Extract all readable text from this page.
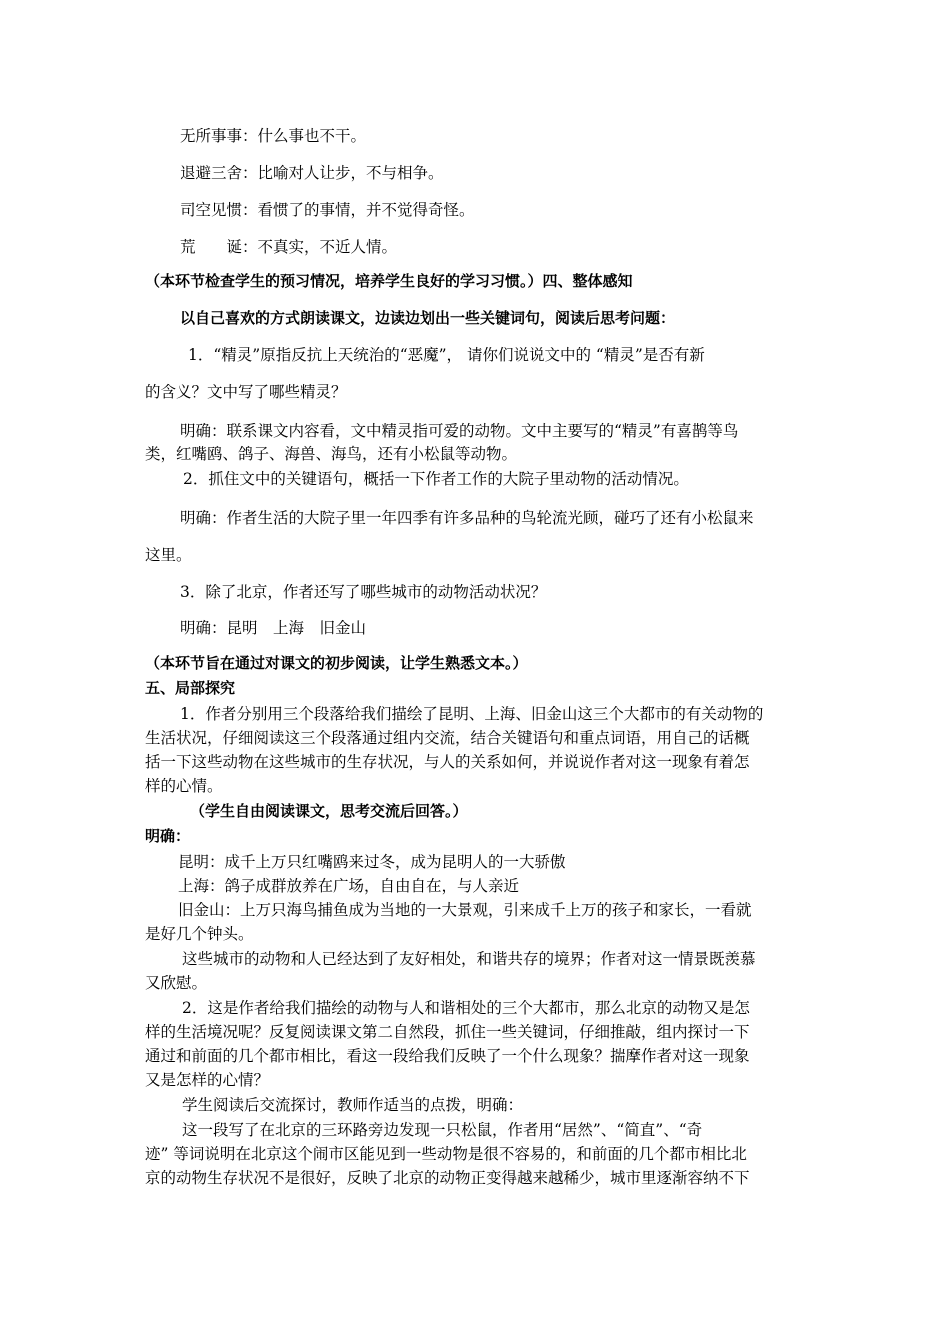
无所事事：什么事也不干。

退避三舍：比喻对人让步，不与相争。

司空见惯：看惯了的事情，并不觉得奇怪。

荒　　诞：不真实，不近人情。

（本环节检查学生的预习情况，培养学生良好的学习习惯。）四、整体感知

以自己喜欢的方式朗读课文，边读边划出一些关键词句，阅读后思考问题：

1．“精灵”原指反抗上天统治的“恶魔”， 请你们说说文中的 “精灵”是否有新

的含义？文中写了哪些精灵？

明确：联系课文内容看，文中精灵指可爱的动物。文中主要写的“精灵”有喜鹊等鸟

类，红嘴鸥、鸽子、海兽、海鸟，还有小松鼠等动物。

2．抓住文中的关键语句，概括一下作者工作的大院子里动物的活动情况。

明确：作者生活的大院子里一年四季有许多品种的鸟轮流光顾，碰巧了还有小松鼠来

这里。

3．除了北京，作者还写了哪些城市的动物活动状况？

明确：昆明　上海　旧金山

（本环节旨在通过对课文的初步阅读，让学生熟悉文本。）

五、局部探究

1．作者分别用三个段落给我们描绘了昆明、上海、旧金山这三个大都市的有关动物的

生活状况，仔细阅读这三个段落通过组内交流，结合关键语句和重点词语，用自己的话概

括一下这些动物在这些城市的生存状况，与人的关系如何，并说说作者对这一现象有着怎

样的心情。

（学生自由阅读课文，思考交流后回答。）

明确：

昆明：成千上万只红嘴鸥来过冬，成为昆明人的一大骄傲

上海：鸽子成群放养在广场，自由自在，与人亲近

旧金山：上万只海鸟捕鱼成为当地的一大景观，引来成千上万的孩子和家长，一看就

是好几个钟头。

这些城市的动物和人已经达到了友好相处，和谐共存的境界；作者对这一情景既羡慕

又欣慰。

2．这是作者给我们描绘的动物与人和谐相处的三个大都市，那么北京的动物又是怎

样的生活境况呢？反复阅读课文第二自然段，抓住一些关键词，仔细推敲，组内探讨一下

通过和前面的几个都市相比，看这一段给我们反映了一个什么现象？揣摩作者对这一现象

又是怎样的心情？

学生阅读后交流探讨，教师作适当的点拨，明确：

这一段写了在北京的三环路旁边发现一只松鼠，作者用“居然”、“简直”、“奇

迹” 等词说明在北京这个闹市区能见到一些动物是很不容易的，和前面的几个都市相比北

京的动物生存状况不是很好，反映了北京的动物正变得越来越稀少，城市里逐渐容纳不下
